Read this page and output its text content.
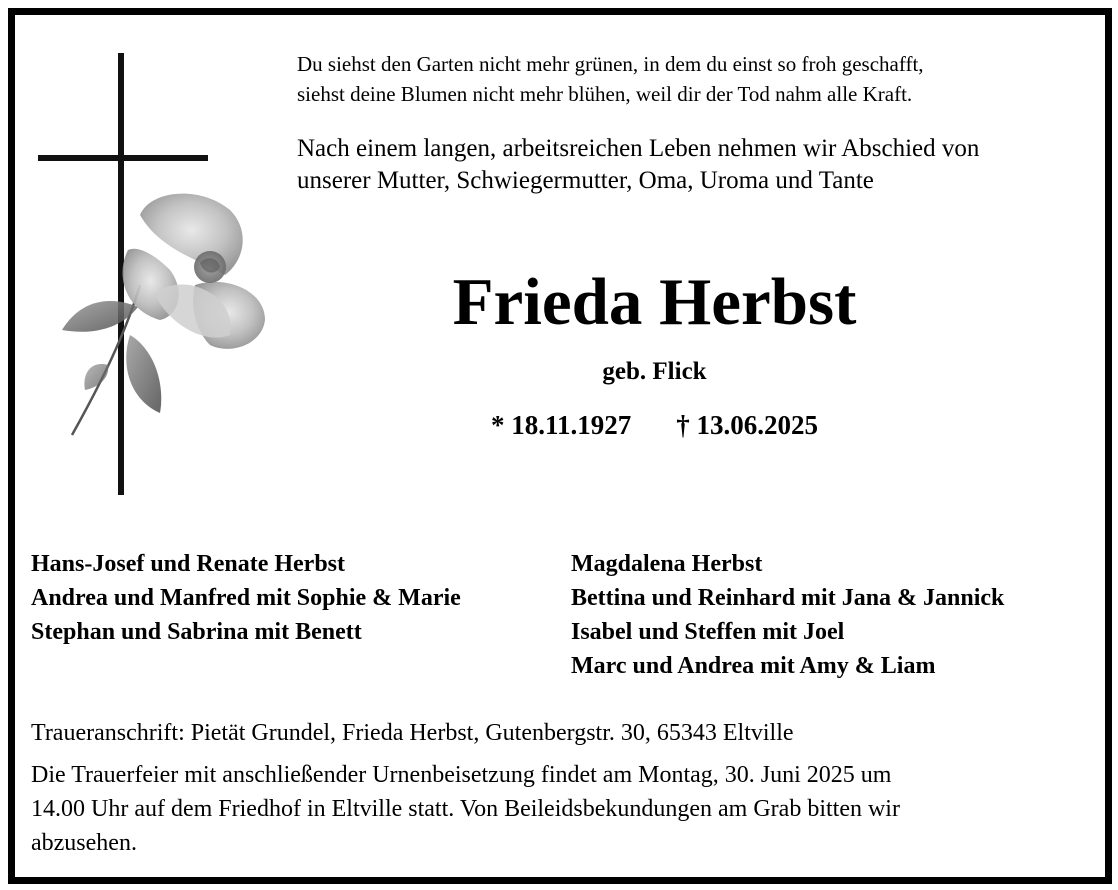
Du siehst den Garten nicht mehr grünen, in dem du einst so froh geschafft,

siehst deine Blumen nicht mehr blühen, weil dir der Tod nahm alle Kraft.

Nach einem langen, arbeitsreichen Leben nehmen wir Abschied von

unserer Mutter, Schwiegermutter, Oma, Uroma und Tante

Frieda Herbst
geb. Flick
* 18.11.1927 † 13.06.2025
Hans-Josef und Renate Herbst
Andrea und Manfred mit Sophie & Marie
Stephan und Sabrina mit Benett
Magdalena Herbst
Bettina und Reinhard mit Jana & Jannick
Isabel und Steffen mit Joel
Marc und Andrea mit Amy & Liam
Traueranschrift: Pietät Grundel, Frieda Herbst, Gutenbergstr. 30, 65343 Eltville
Die Trauerfeier mit anschließender Urnenbeisetzung findet am Montag, 30. Juni 2025 um
14.00 Uhr auf dem Friedhof in Eltville statt. Von Beileidsbekundungen am Grab bitten wir
abzusehen.
